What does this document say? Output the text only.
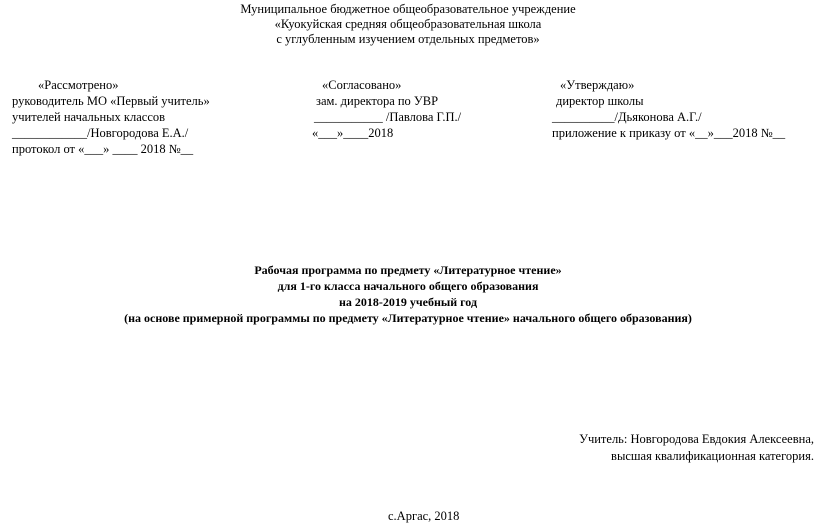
Муниципальное бюджетное общеобразовательное учреждение
«Куокуйская средняя общеобразовательная школа
с углубленным изучением отдельных предметов»
«Рассмотрено»
руководитель МО «Первый учитель»
учителей начальных классов
____________/Новгородова Е.А./
протокол от «___» ____ 2018 №__
«Согласовано»
зам. директора по УВР
___________ /Павлова Г.П./
«___»____2018
«Утверждаю»
директор школы
__________/Дьяконова А.Г./
приложение к приказу от «__»___2018 №__
Рабочая программа по предмету «Литературное чтение»
для 1-го класса начального общего образования
на 2018-2019 учебный год
(на основе примерной программы по предмету «Литературное чтение» начального общего образования)
Учитель: Новгородова Евдокия Алексеевна,
высшая квалификационная категория.
с.Аргас, 2018
